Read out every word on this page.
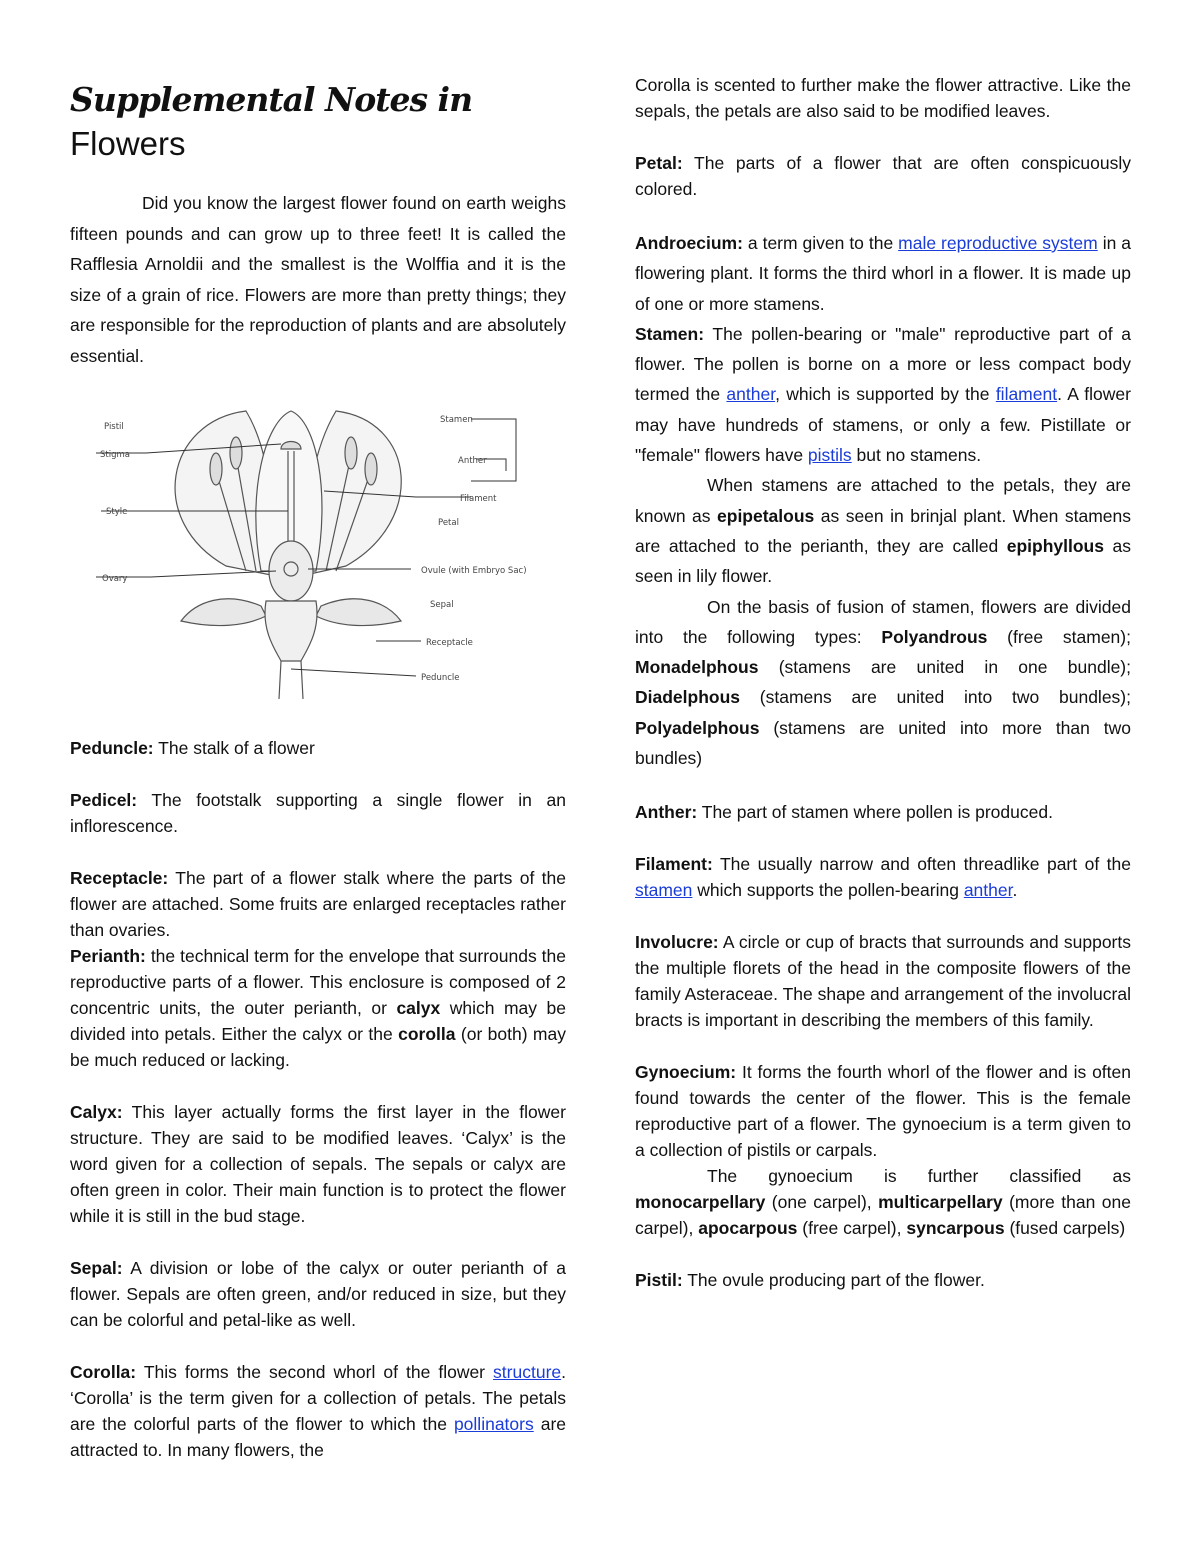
Supplemental Notes in Flowers

Did you know the largest flower found on earth weighs fifteen pounds and can grow up to three feet! It is called the Rafflesia Arnoldii and the smallest is the Wolffia and it is the size of a grain of rice. Flowers are more than pretty things; they are responsible for the reproduction of plants and are absolutely essential.

Pistil
Stigma
Style
Ovary
Stamen
Anther
Filament
Petal
Ovule (with Embryo Sac)
Sepal
Receptacle
Peduncle

Peduncle: The stalk of a flower

Pedicel: The footstalk supporting a single flower in an inflorescence.

Receptacle: The part of a flower stalk where the parts of the flower are attached. Some fruits are enlarged receptacles rather than ovaries.

Perianth: the technical term for the envelope that surrounds the reproductive parts of a flower. This enclosure is composed of 2 concentric units, the outer perianth, or calyx which may be divided into petals. Either the calyx or the corolla (or both) may be much reduced or lacking.

Calyx: This layer actually forms the first layer in the flower structure. They are said to be modified leaves. ‘Calyx’ is the word given for a collection of sepals. The sepals or calyx are often green in color. Their main function is to protect the flower while it is still in the bud stage.

Sepal: A division or lobe of the calyx or outer perianth of a flower. Sepals are often green, and/or reduced in size, but they can be colorful and petal-like as well.

Corolla: This forms the second whorl of the flower structure. ‘Corolla’ is the term given for a collection of petals. The petals are the colorful parts of the flower to which the pollinators are attracted to. In many flowers, the

Corolla is scented to further make the flower attractive. Like the sepals, the petals are also said to be modified leaves.

Petal: The parts of a flower that are often conspicuously colored.

Androecium: a term given to the male reproductive system in a flowering plant. It forms the third whorl in a flower. It is made up of one or more stamens.

Stamen: The pollen-bearing or "male" reproductive part of a flower. The pollen is borne on a more or less compact body termed the anther, which is supported by the filament. A flower may have hundreds of stamens, or only a few. Pistillate or "female" flowers have pistils but no stamens.

When stamens are attached to the petals, they are known as epipetalous as seen in brinjal plant. When stamens are attached to the perianth, they are called epiphyllous as seen in lily flower.

On the basis of fusion of stamen, flowers are divided into the following types: Polyandrous (free stamen); Monadelphous (stamens are united in one bundle); Diadelphous (stamens are united into two bundles); Polyadelphous (stamens are united into more than two bundles)

Anther: The part of stamen where pollen is produced.

Filament: The usually narrow and often threadlike part of the stamen which supports the pollen-bearing anther.

Involucre: A circle or cup of bracts that surrounds and supports the multiple florets of the head in the composite flowers of the family Asteraceae. The shape and arrangement of the involucral bracts is important in describing the members of this family.

Gynoecium: It forms the fourth whorl of the flower and is often found towards the center of the flower. This is the female reproductive part of a flower. The gynoecium is a term given to a collection of pistils or carpals.

The gynoecium is further classified as monocarpellary (one carpel), multicarpellary (more than one carpel), apocarpous (free carpel), syncarpous (fused carpels)

Pistil: The ovule producing part of the flower.
